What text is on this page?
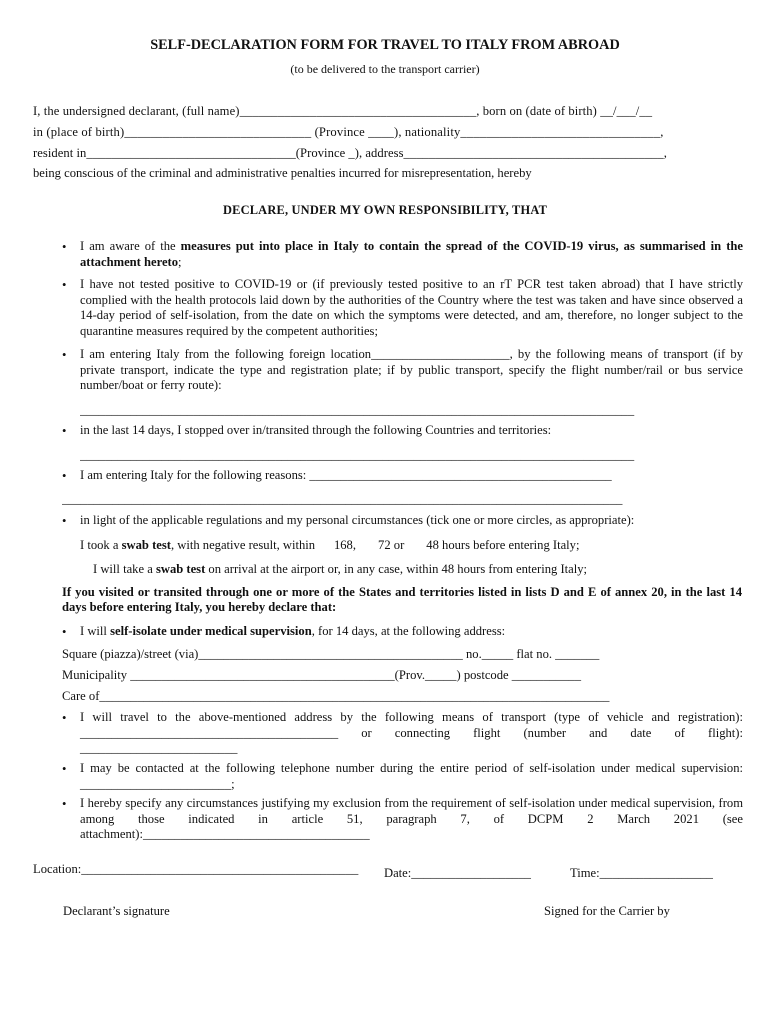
SELF-DECLARATION FORM FOR TRAVEL TO ITALY FROM ABROAD
(to be delivered to the transport carrier)
I, the undersigned declarant, (full name)_____________________________________, born on (date of birth) __/___/__
in (place of birth)_____________________________ (Province ____), nationality_______________________________,
resident in_________________________________(Province _), address_________________________________________,
being conscious of the criminal and administrative penalties incurred for misrepresentation, hereby
DECLARE, UNDER MY OWN RESPONSIBILITY, THAT
• I am aware of the measures put into place in Italy to contain the spread of the COVID-19 virus, as summarised in the attachment hereto;
• I have not tested positive to COVID-19 or (if previously tested positive to an rT PCR test taken abroad) that I have strictly complied with the health protocols laid down by the authorities of the Country where the test was taken and have since observed a 14-day period of self-isolation, from the date on which the symptoms were detected, and am, therefore, no longer subject to the quarantine measures required by the competent authorities;
• I am entering Italy from the following foreign location______________________, by the following means of transport (if by private transport, indicate the type and registration plate; if by public transport, specify the flight number/rail or bus service number/boat or ferry route):
________________________________________________________________________________________
• in the last 14 days, I stopped over in/transited through the following Countries and territories:
________________________________________________________________________________________
• I am entering Italy for the following reasons: ________________________________________________
_________________________________________________________________________________________
• in light of the applicable regulations and my personal circumstances (tick one or more circles, as appropriate):
I took a swab test, with negative result, within      168,       72 or       48 hours before entering Italy;
I will take a swab test on arrival at the airport or, in any case, within 48 hours from entering Italy;
If you visited or transited through one or more of the States and territories listed in lists D and E of annex 20, in the last 14 days before entering Italy, you hereby declare that:
• I will self-isolate under medical supervision, for 14 days, at the following address:
Square (piazza)/street (via)__________________________________________ no._____ flat no. _______
Municipality __________________________________________(Prov._____) postcode ___________
Care of_________________________________________________________________________________
• I will travel to the above-mentioned address by the following means of transport (type of vehicle and registration): _________________________________________ or connecting flight (number and date of flight): _________________________
• I may be contacted at the following telephone number during the entire period of self-isolation under medical supervision:      ________________________;
• I hereby specify any circumstances justifying my exclusion from the requirement of self-isolation under medical supervision, from among those indicated in article 51, paragraph 7, of DCPM 2 March 2021 (see attachment):____________________________________
Location:____________________________________________	Date:___________________	Time:__________________
Declarant’s signature	Signed for the Carrier by
